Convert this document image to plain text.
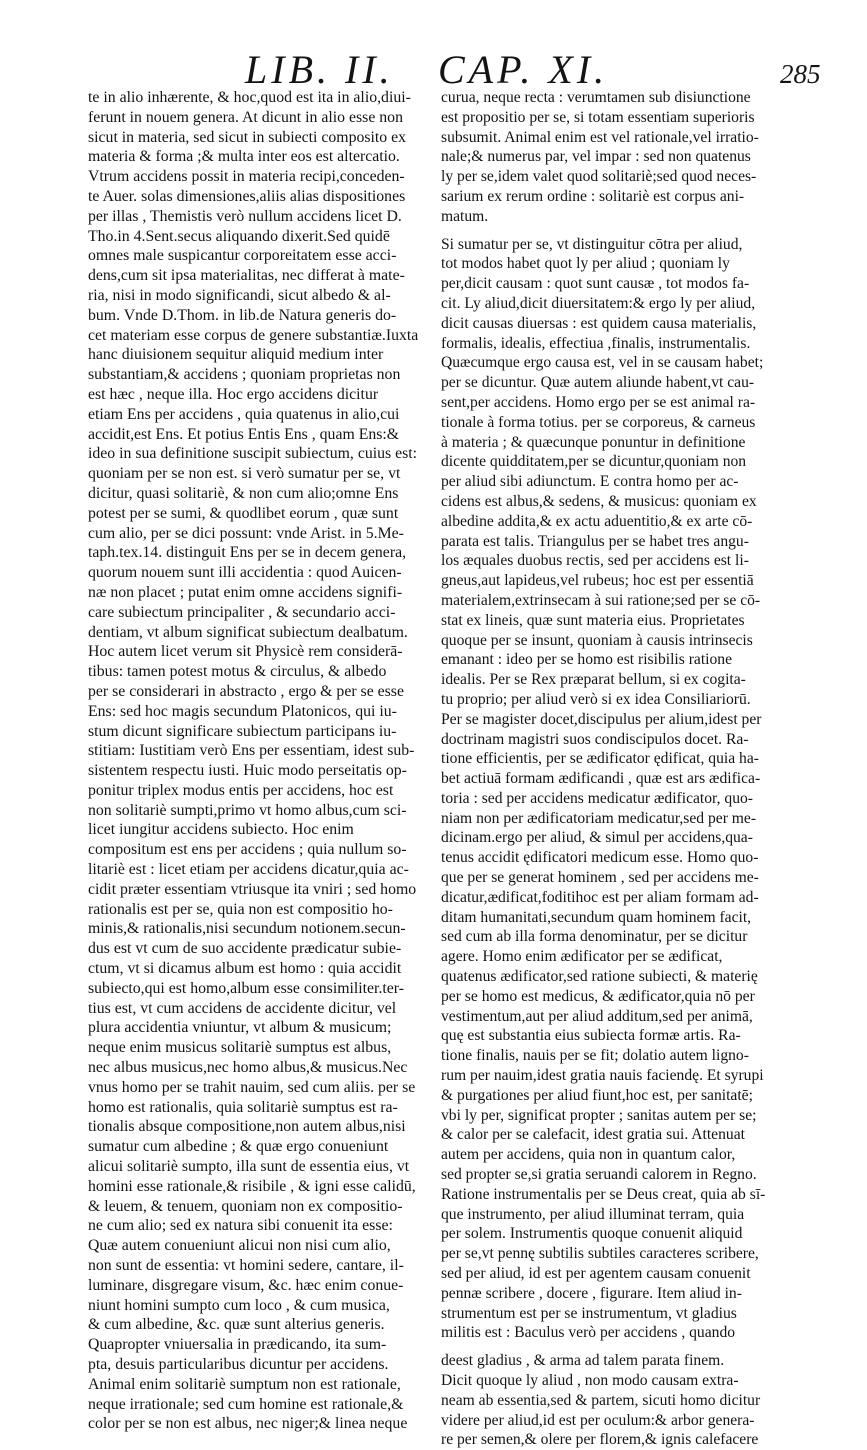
LIB. II. CAP. XI.	285
te in alio inhærente, & hoc,quod est ita in alio,diui-
ferunt in nouem genera. At dicunt in alio esse non
sicut in materia, sed sicut in subiecti composito ex
materia & forma ;& multa inter eos est altercatio.
Vtrum accidens possit in materia recipi,conceden-
te Auer. solas dimensiones,aliis alias dispositiones
per illas , Themistis verò nullum accidens licet D.
Tho.in 4.Sent.secus aliquando dixerit.Sed quidē
omnes male suspicantur corporeitatem esse acci-
dens,cum sit ipsa materialitas, nec differat à mate-
ria, nisi in modo significandi, sicut albedo & al-
bum. Vnde D.Thom. in lib.de Natura generis do-
cet materiam esse corpus de genere substantiæ.Iuxta
hanc diuisionem sequitur aliquid medium inter
substantiam,& accidens ; quoniam proprietas non
est hæc , neque illa. Hoc ergo accidens dicitur
etiam Ens per accidens , quia quatenus in alio,cui
accidit,est Ens. Et potius Entis Ens , quam Ens:&
ideo in sua definitione suscipit subiectum, cuius est:
quoniam per se non est. si verò sumatur per se, vt
dicitur, quasi solitariè, & non cum alio;omne Ens
potest per se sumi, & quodlibet eorum , quæ sunt
cum alio, per se dici possunt: vnde Arist. in 5.Me-
taph.tex.14. distinguit Ens per se in decem genera,
quorum nouem sunt illi accidentia : quod Auicen-
næ non placet ; putat enim omne accidens signifi-
care subiectum principaliter , & secundario acci-
dentiam, vt album significat subiectum dealbatum.
Hoc autem licet verum sit Physicè rem considerā-
tibus: tamen potest motus & circulus, & albedo
per se considerari in abstracto , ergo & per se esse
Ens: sed hoc magis secundum Platonicos, qui iu-
stum dicunt significare subiectum participans iu-
stitiam: Iustitiam verò Ens per essentiam, idest sub-
sistentem respectu iusti. Huic modo perseitatis op-
ponitur triplex modus entis per accidens, hoc est
non solitariè sumpti,primo vt homo albus,cum sci-
licet iungitur accidens subiecto. Hoc enim
compositum est ens per accidens ; quia nullum so-
litariè est : licet etiam per accidens dicatur,quia ac-
cidit præter essentiam vtriusque ita vniri ; sed homo
rationalis est per se, quia non est compositio ho-
minis,& rationalis,nisi secundum notionem.secun-
dus est vt cum de suo accidente prædicatur subie-
ctum, vt si dicamus album est homo : quia accidit
subiecto,qui est homo,album esse consimiliter.ter-
tius est, vt cum accidens de accidente dicitur, vel
plura accidentia vniuntur, vt album & musicum;
neque enim musicus solitariè sumptus est albus,
nec albus musicus,nec homo albus,& musicus.Nec
vnus homo per se trahit nauim, sed cum aliis. per se
homo est rationalis, quia solitariè sumptus est ra-
tionalis absque compositione,non autem albus,nisi
sumatur cum albedine ; & quæ ergo conueniunt
alicui solitariè sumpto, illa sunt de essentia eius, vt
homini esse rationale,& risibile , & igni esse calidū,
& leuem, & tenuem, quoniam non ex compositio-
ne cum alio; sed ex natura sibi conuenit ita esse:
Quæ autem conueniunt alicui non nisi cum alio,
non sunt de essentia: vt homini sedere, cantare, il-
luminare, disgregare visum, &c. hæc enim conue-
niunt homini sumpto cum loco , & cum musica,
& cum albedine, &c. quæ sunt alterius generis.
Quapropter vniuersalia in prædicando, ita sum-
pta, desuis particularibus dicuntur per accidens.
Animal enim solitariè sumptum non est rationale,
neque irrationale; sed cum homine est rationale,&
color per se non est albus, nec niger;& linea neque
curua, neque recta : verumtamen sub disiunctione
est propositio per se, si totam essentiam superioris
subsumit. Animal enim est vel rationale,vel irratio-
nale;& numerus par, vel impar : sed non quatenus
ly per se,idem valet quod solitariè;sed quod neces-
sarium ex rerum ordine : solitariè est corpus ani-
matum.
Si sumatur per se, vt distinguitur cōtra per aliud,
tot modos habet quot ly per aliud ; quoniam ly
per,dicit causam : quot sunt causæ , tot modos fa-
cit. Ly aliud,dicit diuersitatem:& ergo ly per aliud,
dicit causas diuersas : est quidem causa materialis,
formalis, idealis, effectiua ,finalis, instrumentalis.
Quæcumque ergo causa est, vel in se causam habet;
per se dicuntur. Quæ autem aliunde habent,vt cau-
sent,per accidens. Homo ergo per se est animal ra-
tionale à forma totius. per se corporeus, & carneus
à materia ; & quæcunque ponuntur in definitione
dicente quidditatem,per se dicuntur,quoniam non
per aliud sibi adiunctum. E contra homo per ac-
cidens est albus,& sedens, & musicus: quoniam ex
albedine addita,& ex actu aduentitio,& ex arte cō-
parata est talis. Triangulus per se habet tres angu-
los æquales duobus rectis, sed per accidens est li-
gneus,aut lapideus,vel rubeus; hoc est per essentiā
materialem,extrinsecam à sui ratione;sed per se cō-
stat ex lineis, quæ sunt materia eius. Proprietates
quoque per se insunt, quoniam à causis intrinsecis
emanant : ideo per se homo est risibilis ratione
idealis. Per se Rex præparat bellum, si ex cogita-
tu proprio; per aliud verò si ex idea Consiliariorū.
Per se magister docet,discipulus per alium,idest per
doctrinam magistri suos condiscipulos docet. Ra-
tione efficientis, per se ædificator ędificat, quia ha-
bet actiuā formam ædificandi , quæ est ars ædifica-
toria : sed per accidens medicatur ædificator, quo-
niam non per ædificatoriam medicatur,sed per me-
dicinam.ergo per aliud, & simul per accidens,qua-
tenus accidit ędificatori medicum esse. Homo quo-
que per se generat hominem , sed per accidens me-
dicatur,ædificat,foditihoc est per aliam formam ad-
ditam humanitati,secundum quam hominem facit,
sed cum ab illa forma denominatur, per se dicitur
agere. Homo enim ædificator per se ædificat,
quatenus ædificator,sed ratione subiecti, & materię
per se homo est medicus, & ædificator,quia nō per
vestimentum,aut per aliud additum,sed per animā,
quę est substantia eius subiecta formæ artis. Ra-
tione finalis, nauis per se fit; dolatio autem ligno-
rum per nauim,idest gratia nauis faciendę. Et syrupi
& purgationes per aliud fiunt,hoc est, per sanitatē;
vbi ly per, significat propter ; sanitas autem per se;
& calor per se calefacit, idest gratia sui. Attenuat
autem per accidens, quia non in quantum calor,
sed propter se,si gratia seruandi calorem in Regno.
Ratione instrumentalis per se Deus creat, quia ab sī-
que instrumento, per aliud illuminat terram, quia
per solem. Instrumentis quoque conuenit aliquid
per se,vt pennę subtilis subtiles caracteres scribere,
sed per aliud, id est per agentem causam conuenit
pennæ scribere , docere , figurare. Item aliud in-
strumentum est per se instrumentum, vt gladius
militis est : Baculus verò per accidens , quando
deest gladius , & arma ad talem parata finem.
Dicit quoque ly aliud , non modo causam extra-
neam ab essentia,sed & partem, sicuti homo dicitur
videre per aliud,id est per oculum:& arbor genera-
re per semen,& olere per florem,& ignis calefacere
